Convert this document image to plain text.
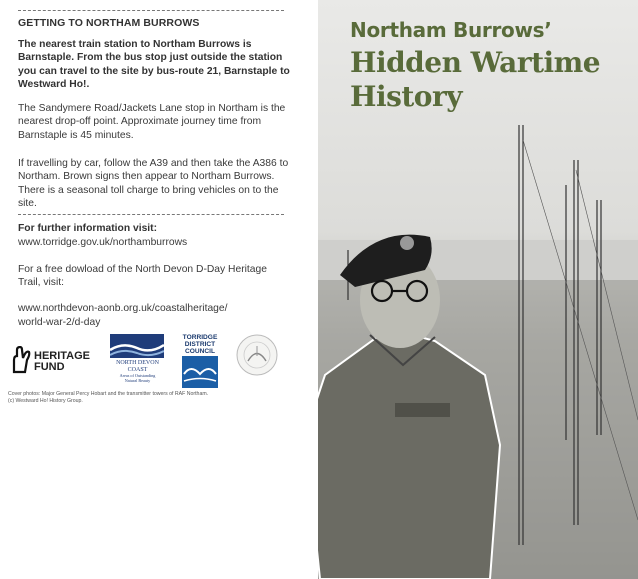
GETTING TO NORTHAM BURROWS

The nearest train station to Northam Burrows is Barnstaple. From the bus stop just outside the station you can travel to the site by bus-route 21, Barnstaple to Westward Ho!.

The Sandymere Road/Jackets Lane stop in Northam is the nearest drop-off point. Approximate journey time from Barnstaple is 45 minutes.

If travelling by car, follow the A39 and then take the A386 to Northam. Brown signs then appear to Northam Burrows. There is a seasonal toll charge to bring vehicles on to the site.

For further information visit:

www.torridge.gov.uk/northamburrows

For a free dowload of the North Devon D-Day Heritage Trail, visit:

www.northdevon-aonb.org.uk/coastalheritage/

world-war-2/d-day

HERITAGE
FUND	NORTH DEVON
COAST
Areas of Outstanding
Natural Beauty
TORRIDGE
DISTRICT
COUNCIL

Cover photos: Major General Percy Hobart and the transmitter towers of RAF Northam.

(c) Westward Ho! History Group.

Northam Burrows’
Hidden Wartime
History
